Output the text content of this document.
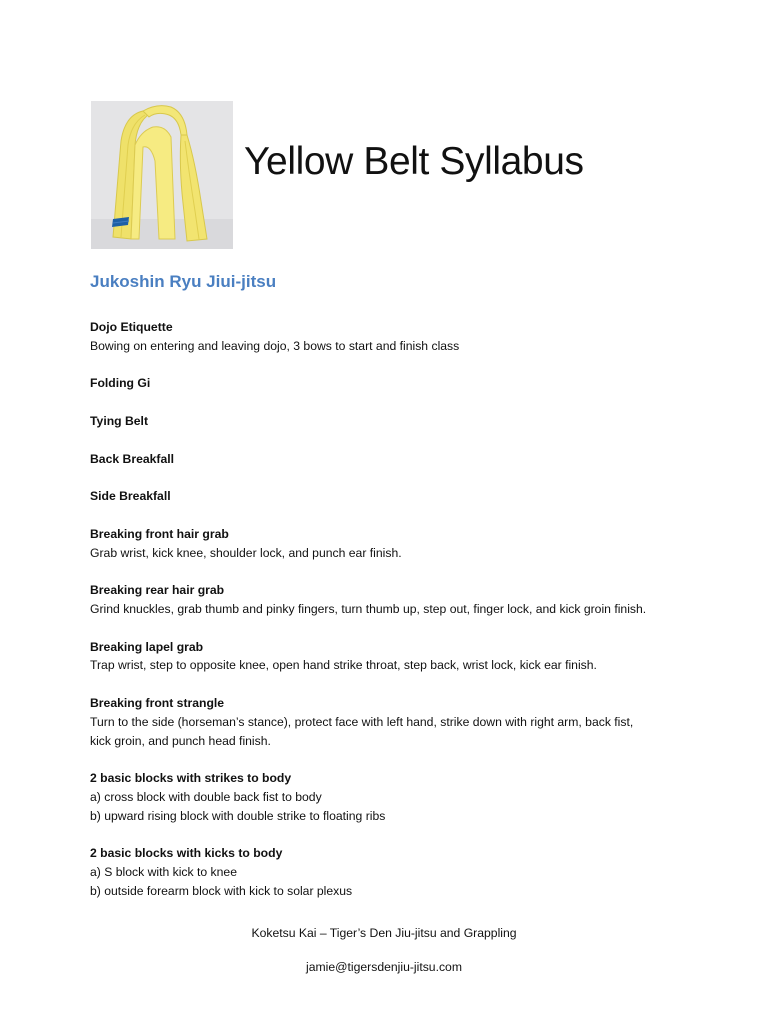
Yellow Belt Syllabus
Jukoshin Ryu Jiui-jitsu
Dojo Etiquette
Bowing on entering and leaving dojo, 3 bows to start and finish class
Folding Gi
Tying Belt
Back Breakfall
Side Breakfall
Breaking front hair grab
Grab wrist, kick knee, shoulder lock, and punch ear finish.
Breaking rear hair grab
Grind knuckles, grab thumb and pinky fingers, turn thumb up, step out, finger lock, and kick groin finish.
Breaking lapel grab
Trap wrist, step to opposite knee, open hand strike throat, step back, wrist lock, kick ear finish.
Breaking front strangle
Turn to the side (horseman’s stance), protect face with left hand, strike down with right arm, back fist,
kick groin, and punch head finish.
2 basic blocks with strikes to body
a) cross block with double back fist to body
b) upward rising block with double strike to floating ribs
2 basic blocks with kicks to body
a) S block with kick to knee
b) outside forearm block with kick to solar plexus
Koketsu Kai – Tiger’s Den Jiu-jitsu and Grappling
jamie@tigersdenjiu-jitsu.com
